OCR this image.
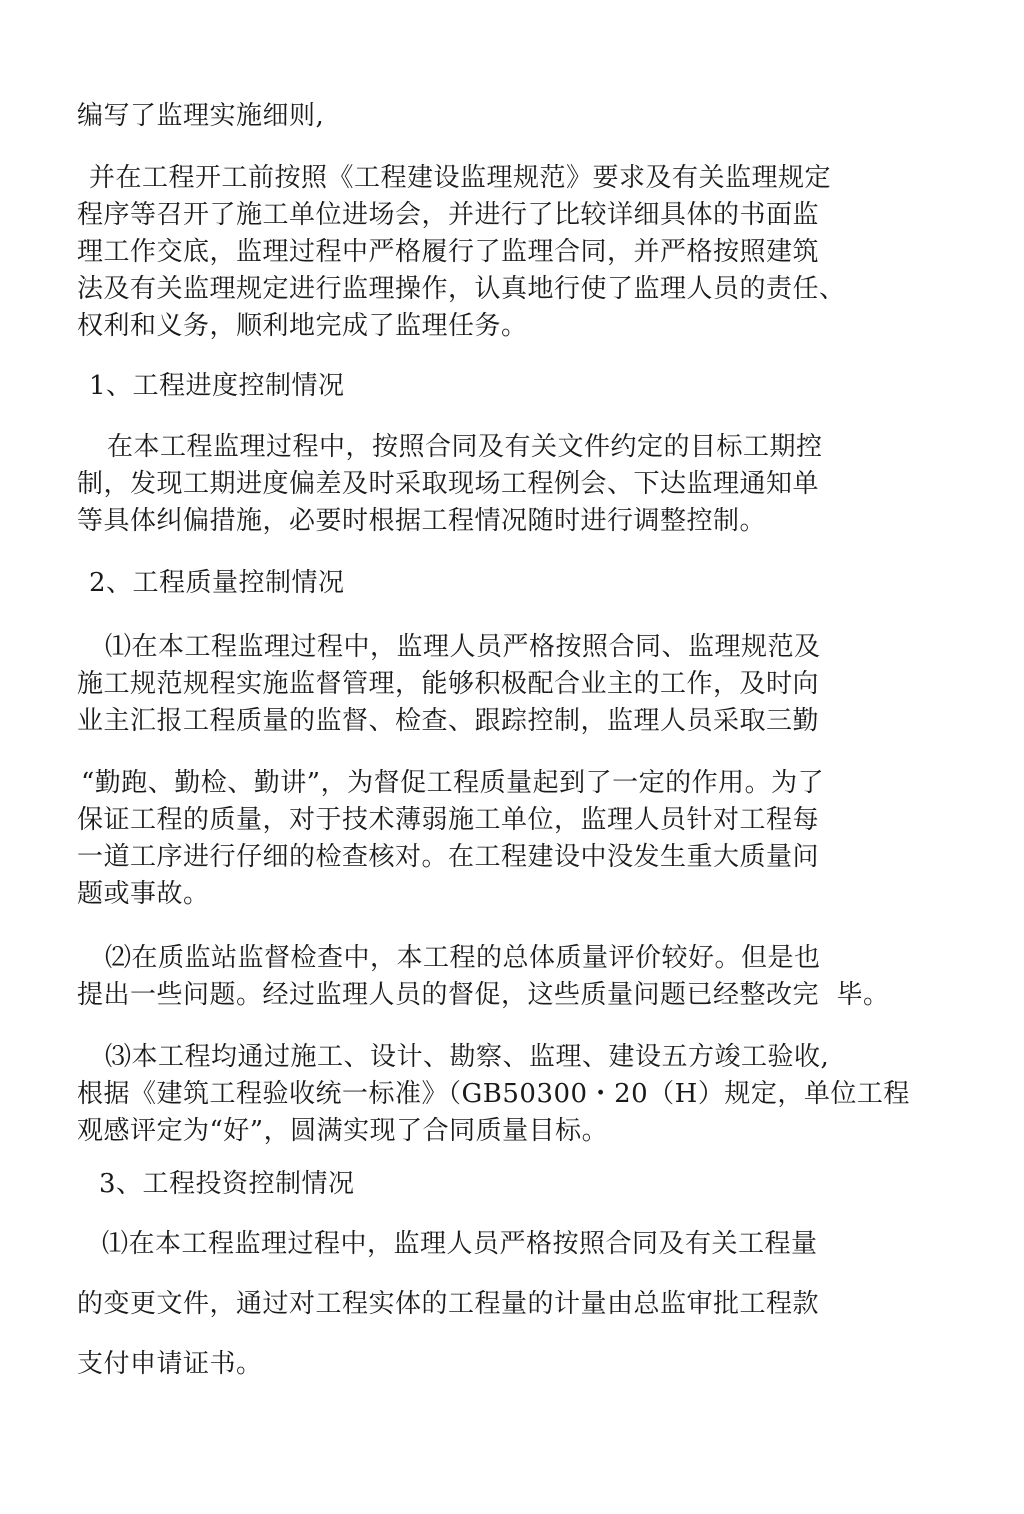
编写了监理实施细则,
并在工程开工前按照《工程建设监理规范》要求及有关监理规定
程序等召开了施工单位进场会，并进行了比较详细具体的书面监
理工作交底，监理过程中严格履行了监理合同，并严格按照建筑
法及有关监理规定进行监理操作，认真地行使了监理人员的责任、
权利和义务，顺利地完成了监理任务。
1、工程进度控制情况
在本工程监理过程中，按照合同及有关文件约定的目标工期控
制，发现工期进度偏差及时采取现场工程例会、下达监理通知单
等具体纠偏措施，必要时根据工程情况随时进行调整控制。
2、工程质量控制情况
⑴在本工程监理过程中，监理人员严格按照合同、监理规范及
施工规范规程实施监督管理，能够积极配合业主的工作，及时向
业主汇报工程质量的监督、检查、跟踪控制，监理人员采取三勤
“勤跑、勤检、勤讲”，为督促工程质量起到了一定的作用。为了
保证工程的质量，对于技术薄弱施工单位，监理人员针对工程每
一道工序进行仔细的检查核对。在工程建设中没发生重大质量问
题或事故。
⑵在质监站监督检查中，本工程的总体质量评价较好。但是也
提出一些问题。经过监理人员的督促，这些质量问题已经整改完  毕。
⑶本工程均通过施工、设计、勘察、监理、建设五方竣工验收,
根据《建筑工程验收统一标准》（GB50300・20（H）规定，单位工程
观感评定为“好”，圆满实现了合同质量目标。
3、工程投资控制情况
⑴在本工程监理过程中，监理人员严格按照合同及有关工程量
的变更文件，通过对工程实体的工程量的计量由总监审批工程款
支付申请证书。
